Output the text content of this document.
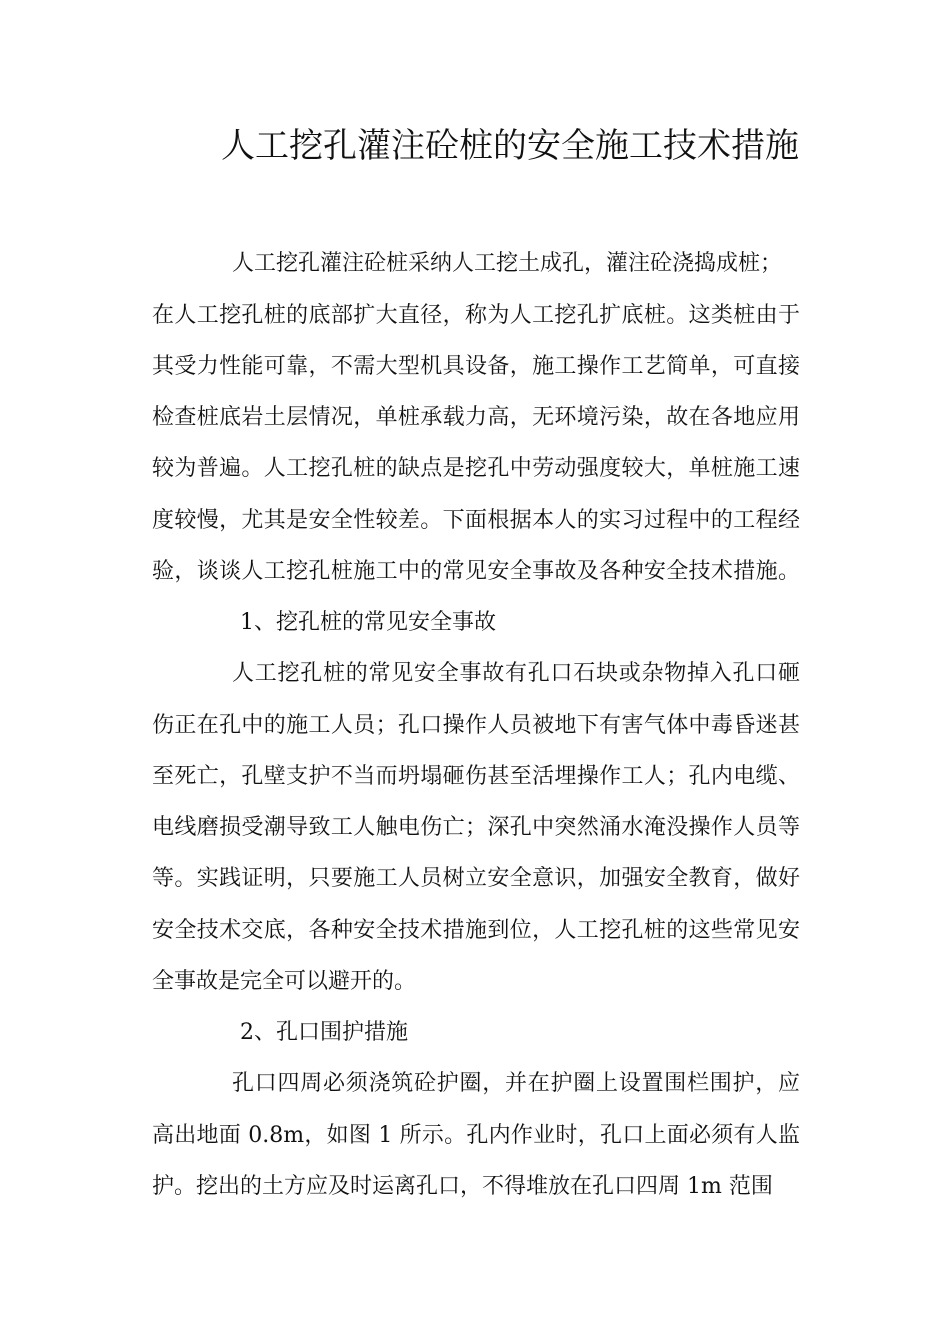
人工挖孔灌注砼桩的安全施工技术措施
人工挖孔灌注砼桩采纳人工挖土成孔，灌注砼浇捣成桩；
在人工挖孔桩的底部扩大直径，称为人工挖孔扩底桩。这类桩由于
其受力性能可靠，不需大型机具设备，施工操作工艺简单，可直接
检查桩底岩土层情况，单桩承载力高，无环境污染，故在各地应用
较为普遍。人工挖孔桩的缺点是挖孔中劳动强度较大，单桩施工速
度较慢，尤其是安全性较差。下面根据本人的实习过程中的工程经
验，谈谈人工挖孔桩施工中的常见安全事故及各种安全技术措施。
1、挖孔桩的常见安全事故
人工挖孔桩的常见安全事故有孔口石块或杂物掉入孔口砸
伤正在孔中的施工人员；孔口操作人员被地下有害气体中毒昏迷甚
至死亡，孔壁支护不当而坍塌砸伤甚至活埋操作工人；孔内电缆、
电线磨损受潮导致工人触电伤亡；深孔中突然涌水淹没操作人员等
等。实践证明，只要施工人员树立安全意识，加强安全教育，做好
安全技术交底，各种安全技术措施到位，人工挖孔桩的这些常见安
全事故是完全可以避开的。
2、孔口围护措施
孔口四周必须浇筑砼护圈，并在护圈上设置围栏围护，应
高出地面 0.8m，如图 1 所示。孔内作业时，孔口上面必须有人监
护。挖出的土方应及时运离孔口，不得堆放在孔口四周 1m 范围
